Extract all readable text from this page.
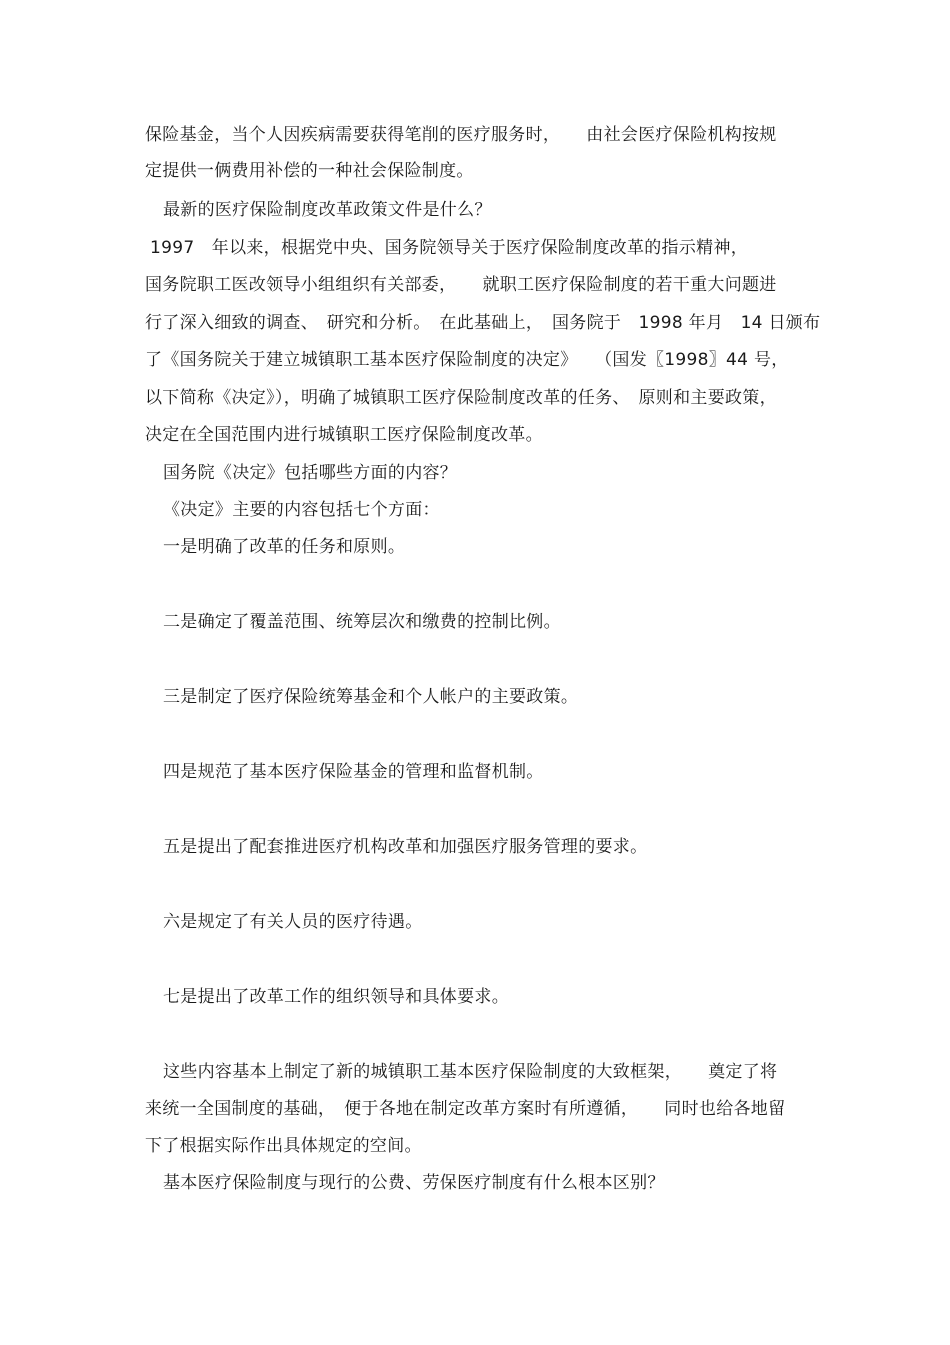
保险基金，当个人因疾病需要获得笔削的医疗服务时，　　由社会医疗保险机构按规
定提供一俩费用补偿的一种社会保险制度。
最新的医疗保险制度改革政策文件是什么？
1997　年以来，根据党中央、国务院领导关于医疗保险制度改革的指示精神，
国务院职工医改领导小组组织有关部委，　　就职工医疗保险制度的若干重大问题进
行了深入细致的调查、　研究和分析。　在此基础上，　国务院于　1998 年月　14 日颁布
了《国务院关于建立城镇职工基本医疗保险制度的决定》　　（国发〖1998〗44 号，
以下简称《决定》），明确了城镇职工医疗保险制度改革的任务、　原则和主要政策，
决定在全国范围内进行城镇职工医疗保险制度改革。
国务院《决定》包括哪些方面的内容？
《决定》主要的内容包括七个方面：
一是明确了改革的任务和原则。
二是确定了覆盖范围、统筹层次和缴费的控制比例。
三是制定了医疗保险统筹基金和个人帐户的主要政策。
四是规范了基本医疗保险基金的管理和监督机制。
五是提出了配套推进医疗机构改革和加强医疗服务管理的要求。
六是规定了有关人员的医疗待遇。
七是提出了改革工作的组织领导和具体要求。
这些内容基本上制定了新的城镇职工基本医疗保险制度的大致框架，　　奠定了将
来统一全国制度的基础，　便于各地在制定改革方案时有所遵循，　　同时也给各地留
下了根据实际作出具体规定的空间。
基本医疗保险制度与现行的公费、劳保医疗制度有什么根本区别？
